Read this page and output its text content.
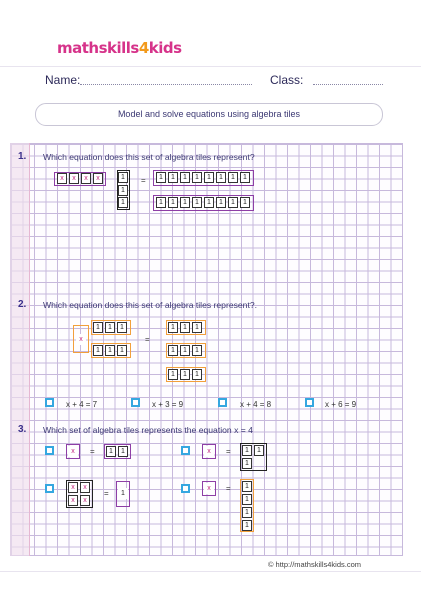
mathskills4kids
Name:	Class:
Model and solve equations using algebra tiles
1. Which equation does this set of algebra tiles represent?
x	x	x	x	1
1
1
=	1	1	1	1	1	1	1	1
1	1	1	1	1	1	1	1
2. Which equation does this set of algebra tiles represent?.
x
1	1	1
1	1	1
=
1	1	1
1	1	1
1	1	1
x + 4 = 7	x + 3 = 9	x + 4 = 8	x + 6 = 9
3. Which set of algebra tiles represents the equation x = 4
x	=	1	1	x	=	1	1
1
x	x
x	x
=	1
x	=	1
1
1
1
© http://mathskills4kids.com
